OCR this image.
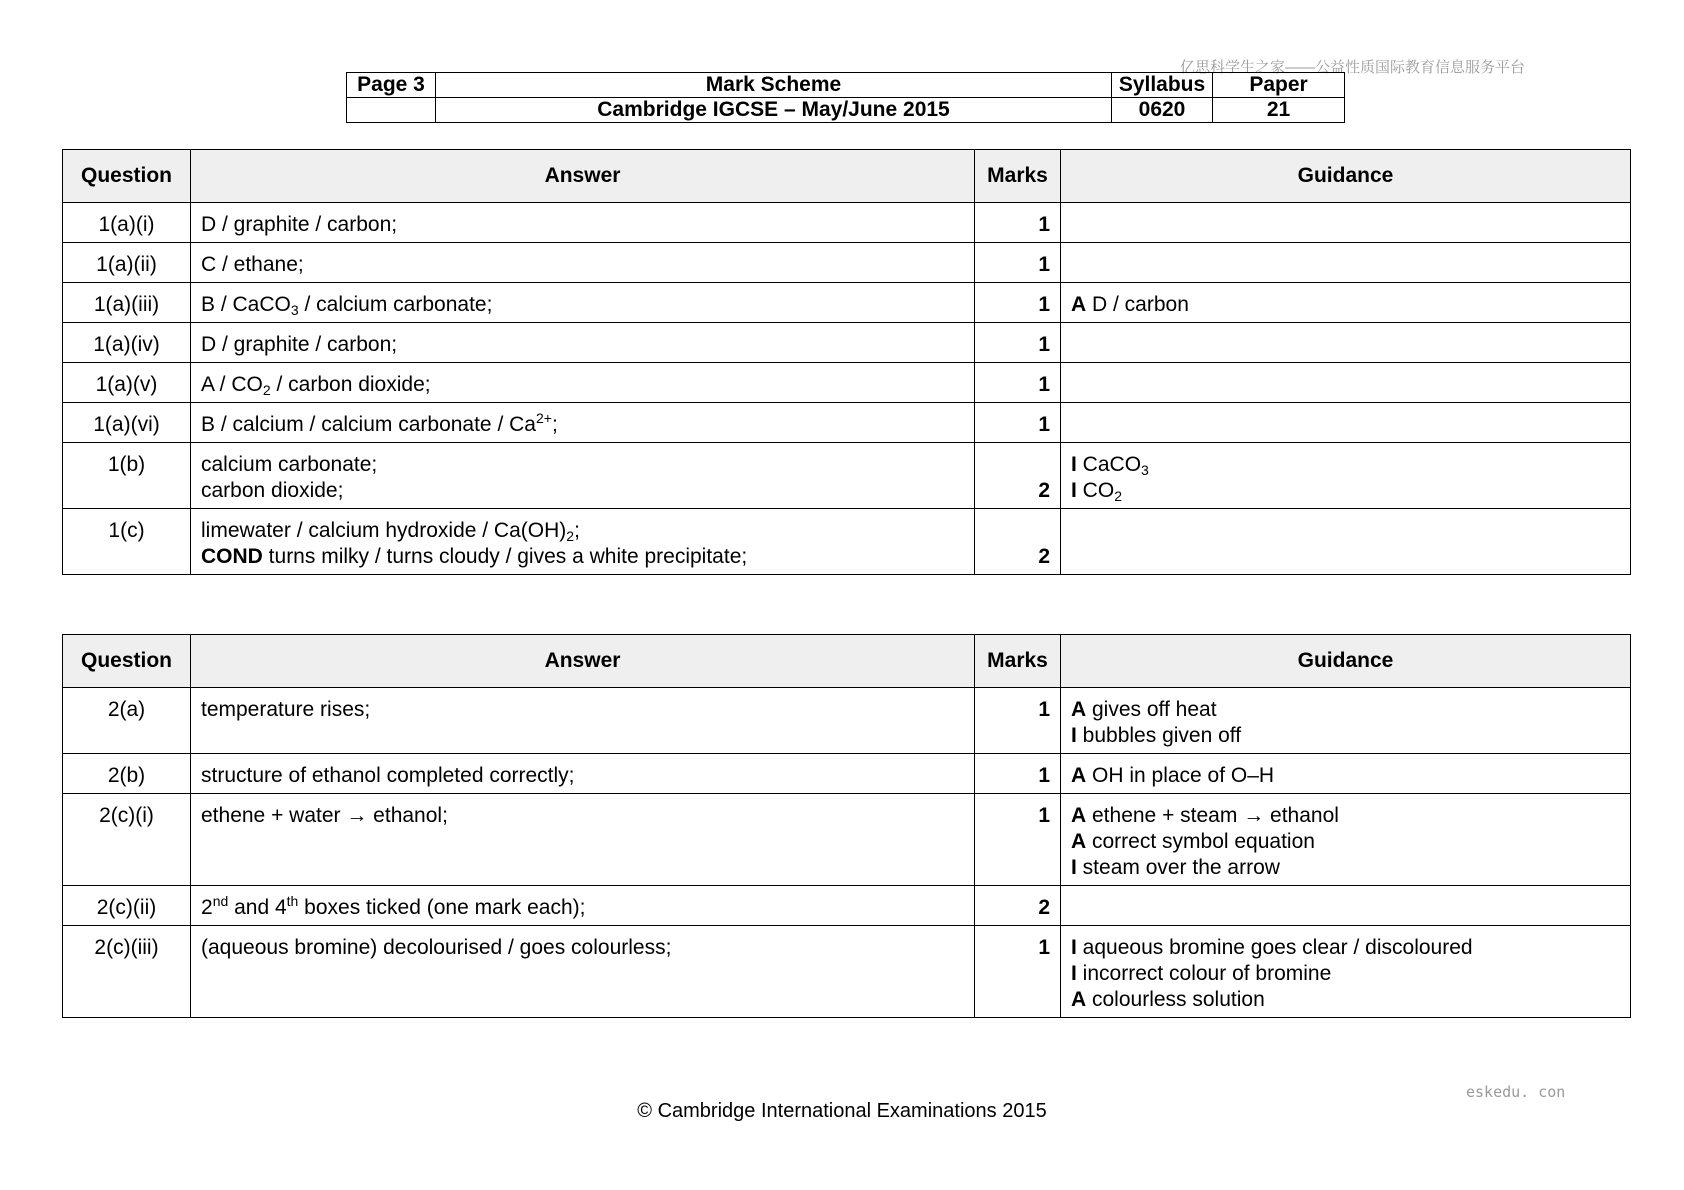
亿思科学生之家——公益性质国际教育信息服务平台
Page 3	Mark Scheme	Syllabus	Paper
	Cambridge IGCSE – May/June 2015	0620	21
Question	Answer	Marks	Guidance
1(a)(i)	D / graphite / carbon;	1	
1(a)(ii)	C / ethane;	1	
1(a)(iii)	B / CaCO$_3$ / calcium carbonate;	1	A D / carbon
1(a)(iv)	D / graphite / carbon;	1	
1(a)(v)	A / $CO_2$ / carbon dioxide;	1	
1(a)(vi)	B / calcium / calcium carbonate / $Ca^{2+}$;	1	
1(b)	calcium carbonate;
carbon dioxide;	2	I CaCO$_3$
I $CO_2$

1(c)	limewater / calcium hydroxide / $Ca(OH)_2$;
COND turns milky / turns cloudy / gives a white precipitate;	2	
Question	Answer	Marks	Guidance
2(a)	temperature rises;	1	A gives off heat
I bubbles given off

2(b)	structure of ethanol completed correctly;	1	A OH in place of O–H

2(c)(i)	ethene + water → ethanol;	1	A ethene + steam → ethanol
A correct symbol equation
I steam over the arrow

2(c)(ii)	2nd and 4th boxes ticked (one mark each);	2	
2(c)(iii)	(aqueous bromine) decolourised / goes colourless;	1	I aqueous bromine goes clear / discoloured
I incorrect colour of bromine
A colourless solution
eskedu. con
© Cambridge International Examinations 2015
